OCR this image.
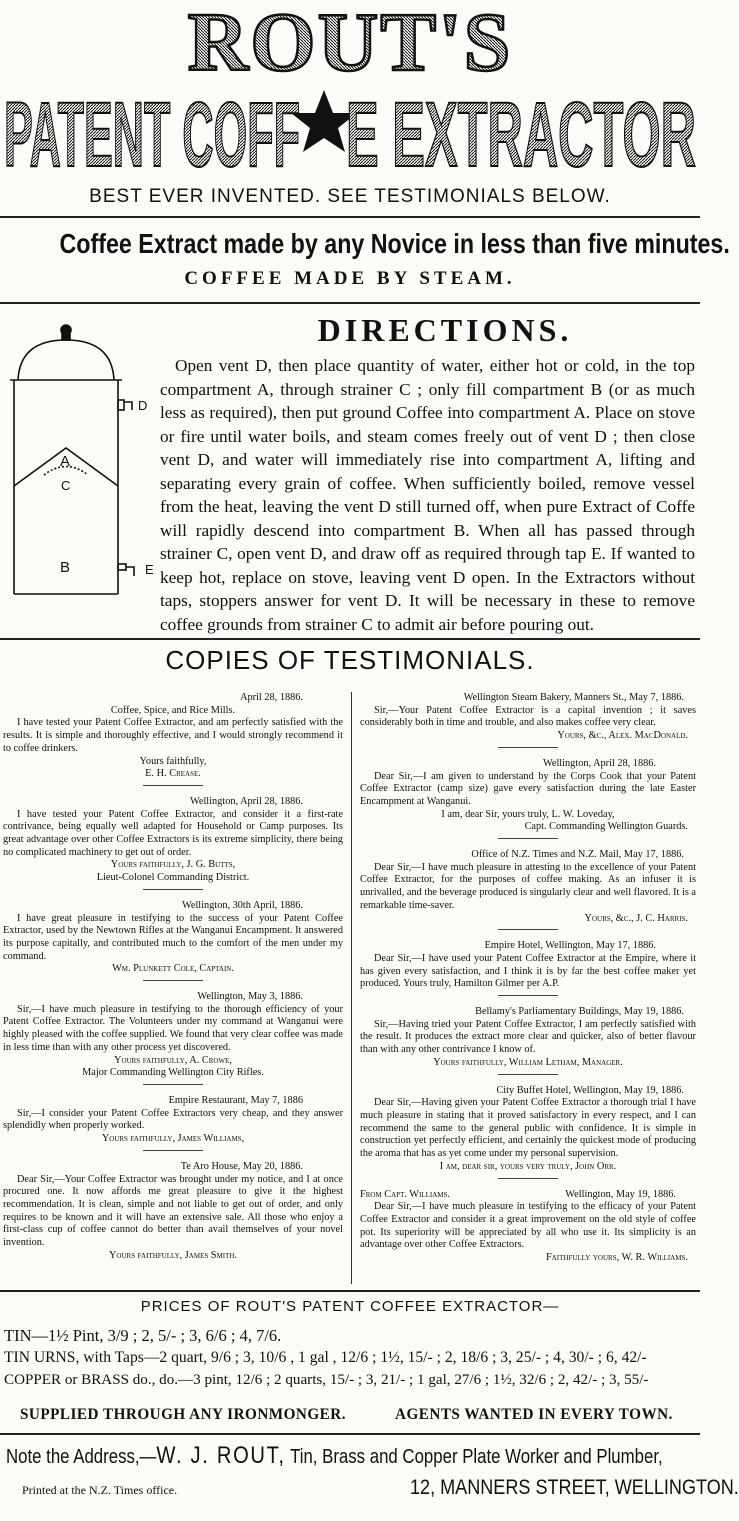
ROUT'S
PATENT COFF E EXTRACTOR
BEST EVER INVENTED. SEE TESTIMONIALS BELOW.
Coffee Extract made by any Novice in less than five minutes.
COFFEE MADE BY STEAM.
A
C
B
D
E
DIRECTIONS.
Open vent D, then place quantity of water, either hot or cold, in the top compartment A, through strainer C ; only fill compartment B (or as much less as required), then put ground Coffee into compartment A. Place on stove or fire until water boils, and steam comes freely out of vent D ; then close vent D, and water will immediately rise into compartment A, lifting and separating every grain of coffee. When sufficiently boiled, remove vessel from the heat, leaving the vent D still turned off, when pure Extract of Coffe will rapidly descend into compartment B. When all has passed through strainer C, open vent D, and draw off as required through tap E. If wanted to keep hot, replace on stove, leaving vent D open. In the Extractors without taps, stoppers answer for vent D. It will be necessary in these to remove coffee grounds from strainer C to admit air before pouring out.
COPIES OF TESTIMONIALS.
April 28, 1886.
Coffee, Spice, and Rice Mills.
I have tested your Patent Coffee Extractor, and am perfectly satisfied with the results. It is simple and thoroughly effective, and I would strongly recommend it to coffee drinkers.
Yours faithfully,
E. H. Crease.
Wellington, April 28, 1886.
I have tested your Patent Coffee Extractor, and consider it a first-rate contrivance, being equally well adapted for Household or Camp purposes. Its great advantage over other Coffee Extractors is its extreme simplicity, there being no complicated machinery to get out of order.
Yours faithfully, J. G. Butts,
Lieut-Colonel Commanding District.
Wellington, 30th April, 1886.
I have great pleasure in testifying to the success of your Patent Coffee Extractor, used by the Newtown Rifles at the Wanganui Encampment. It answered its purpose capitally, and contributed much to the comfort of the men under my command.
Wm. Plunkett Cole, Captain.
Wellington, May 3, 1886.
Sir,—I have much pleasure in testifying to the thorough efficiency of your Patent Coffee Extractor. The Volunteers under my command at Wanganui were highly pleased with the coffee supplied. We found that very clear coffee was made in less time than with any other process yet discovered.
Yours faithfully, A. Crowe,
Major Commanding Wellington City Rifles.
Empire Restaurant, May 7, 1886
Sir,—I consider your Patent Coffee Extractors very cheap, and they answer splendidly when properly worked.
Yours faithfully, James Williams,
Te Aro House, May 20, 1886.
Dear Sir,—Your Coffee Extractor was brought under my notice, and I at once procured one. It now affords me great pleasure to give it the highest recommendation. It is clean, simple and not liable to get out of order, and only requires to be known and it will have an extensive sale. All those who enjoy a first-class cup of coffee cannot do better than avail themselves of your novel invention.
Yours faithfully, James Smith.
Wellington Steam Bakery, Manners St., May 7, 1886.
Sir,—Your Patent Coffee Extractor is a capital invention ; it saves considerably both in time and trouble, and also makes coffee very clear.
Yours, &c., Alex. MacDonald.
Wellington, April 28, 1886.
Dear Sir,—I am given to understand by the Corps Cook that your Patent Coffee Extractor (camp size) gave every satisfaction during the late Easter Encampment at Wanganui.
I am, dear Sir, yours truly, L. W. Loveday,
Capt. Commanding Wellington Guards.
Office of N.Z. Times and N.Z. Mail, May 17, 1886.
Dear Sir,—I have much pleasure in attesting to the excellence of your Patent Coffee Extractor, for the purposes of coffee making. As an infuser it is unrivalled, and the beverage produced is singularly clear and well flavored. It is a remarkable time-saver.
Yours, &c., J. C. Harris.
Empire Hotel, Wellington, May 17, 1886.
Dear Sir,—I have used your Patent Coffee Extractor at the Empire, where it has given every satisfaction, and I think it is by far the best coffee maker yet produced. Yours truly, Hamilton Gilmer per A.P.
Bellamy's Parliamentary Buildings, May 19, 1886.
Sir,—Having tried your Patent Coffee Extractor, I am perfectly satisfied with the result. It produces the extract more clear and quicker, also of better flavour than with any other contrivance I know of.
Yours faithfully, William Letham, Manager.
City Buffet Hotel, Wellington, May 19, 1886.
Dear Sir,—Having given your Patent Coffee Extractor a thorough trial I have much pleasure in stating that it proved satisfactory in every respect, and I can recommend the same to the general public with confidence. It is simple in construction yet perfectly efficient, and certainly the quickest mode of producing the aroma that has as yet come under my personal supervision.
I am, dear sir, yours very truly, John Orr.
From Capt. Williams.	Wellington, May 19, 1886.
Dear Sir,—I have much pleasure in testifying to the efficacy of your Patent Coffee Extractor and consider it a great improvement on the old style of coffee pot. Its superiority will be appreciated by all who use it. Its simplicity is an advantage over other Coffee Extractors.
Faithfully yours, W. R. Williams.
PRICES OF ROUT'S PATENT COFFEE EXTRACTOR—
TIN—1½ Pint, 3/9 ; 2, 5/- ; 3, 6/6 ; 4, 7/6.
TIN URNS, with Taps—2 quart, 9/6 ; 3, 10/6 , 1 gal , 12/6 ; 1½, 15/- ; 2, 18/6 ; 3, 25/- ; 4, 30/- ; 6, 42/-
COPPER or BRASS do., do.—3 pint, 12/6 ; 2 quarts, 15/- ; 3, 21/- ; 1 gal, 27/6 ; 1½, 32/6 ; 2, 42/- ; 3, 55/-
SUPPLIED THROUGH ANY IRONMONGER.	AGENTS WANTED IN EVERY TOWN.
Note the Address,—W. J. ROUT, Tin, Brass and Copper Plate Worker and Plumber,
Printed at the N.Z. Times office.	12, MANNERS STREET, WELLINGTON.
